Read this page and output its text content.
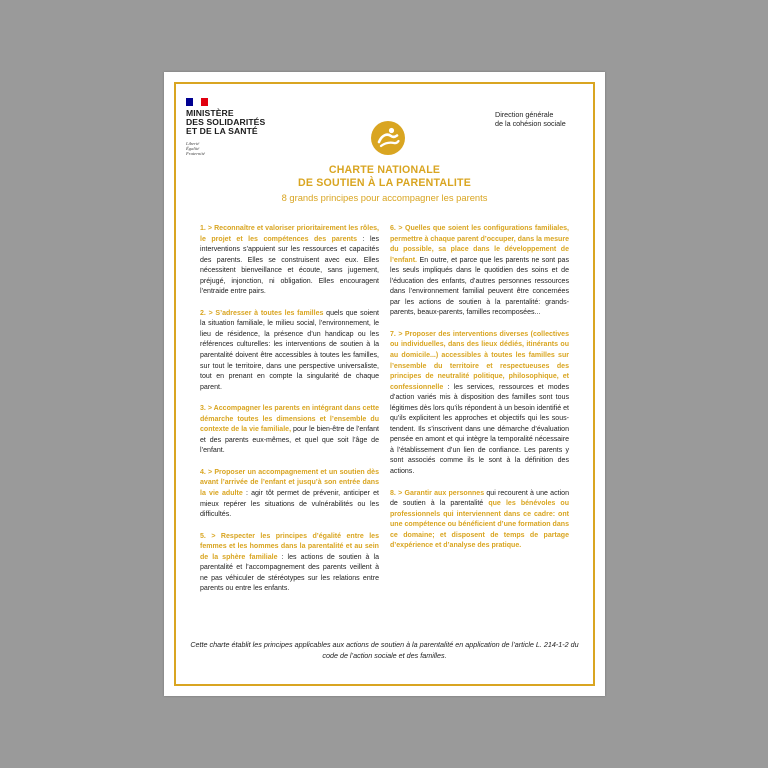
MINISTÈRE
DES SOLIDARITÉS
ET DE LA SANTÉ
Liberté
Égalité
Fraternité
Direction générale
de la cohésion sociale
CHARTE NATIONALE
DE SOUTIEN À LA PARENTALITE
8 grands principes pour accompagner les parents

1. > Reconnaître et valoriser prioritairement les rôles, le projet et les compétences des parents : les interventions s’appuient sur les ressources et capacités des parents. Elles se construisent avec eux. Elles nécessitent bienveillance et écoute, sans jugement, préjugé, injonction, ni obligation. Elles encouragent l’entraide entre pairs.

2. > S’adresser à toutes les familles quels que soient la situation familiale, le milieu social, l’environnement, le lieu de résidence, la présence d’un handicap ou les références culturelles: les interventions de soutien à la parentalité doivent être accessibles à toutes les familles, sur tout le territoire, dans une perspective universaliste, tout en prenant en compte la singularité de chaque parent.

3. > Accompagner les parents en intégrant dans cette démarche toutes les dimensions et l’ensemble du contexte de la vie familiale, pour le bien-être de l’enfant et des parents eux-mêmes, et quel que soit l’âge de l’enfant.

4. > Proposer un accompagnement et un soutien dès avant l’arrivée de l’enfant et jusqu’à son entrée dans la vie adulte : agir tôt permet de prévenir, anticiper et mieux repérer les situations de vulnérabilités ou les difficultés.

5. > Respecter les principes d’égalité entre les femmes et les hommes dans la parentalité et au sein de la sphère familiale : les actions de soutien à la parentalité et l’accompagnement des parents veillent à ne pas véhiculer de stéréotypes sur les relations entre parents ou entre les enfants.

6. > Quelles que soient les configurations familiales, permettre à chaque parent d’occuper, dans la mesure du possible, sa place dans le développement de l’enfant. En outre, et parce que les parents ne sont pas les seuls impliqués dans le quotidien des soins et de l’éducation des enfants, d’autres personnes ressources dans l’environnement familial peuvent être concernées par les actions de soutien à la parentalité: grands-parents, beaux-parents, familles recomposées...

7. > Proposer des interventions diverses (collectives ou individuelles, dans des lieux dédiés, itinérants ou au domicile...) accessibles à toutes les familles sur l’ensemble du territoire et respectueuses des principes de neutralité politique, philosophique, et confessionnelle : les services, ressources et modes d’action variés mis à disposition des familles sont tous légitimes dès lors qu’ils répondent à un besoin identifié et qu’ils explicitent les approches et objectifs qui les sous-tendent. Ils s’inscrivent dans une démarche d’évaluation pensée en amont et qui intègre la temporalité nécessaire à l’établissement d’un lien de confiance. Les parents y sont associés comme ils le sont à la définition des actions.

8. > Garantir aux personnes qui recourent à une action de soutien à la parentalité que les bénévoles ou professionnels qui interviennent dans ce cadre: ont une compétence ou bénéficient d’une formation dans ce domaine; et disposent de temps de partage d’expérience et d’analyse des pratique.

Cette charte établit les principes applicables aux actions de soutien à la parentalité en application de l’article L. 214-1-2 du code de l’action sociale et des familles.
